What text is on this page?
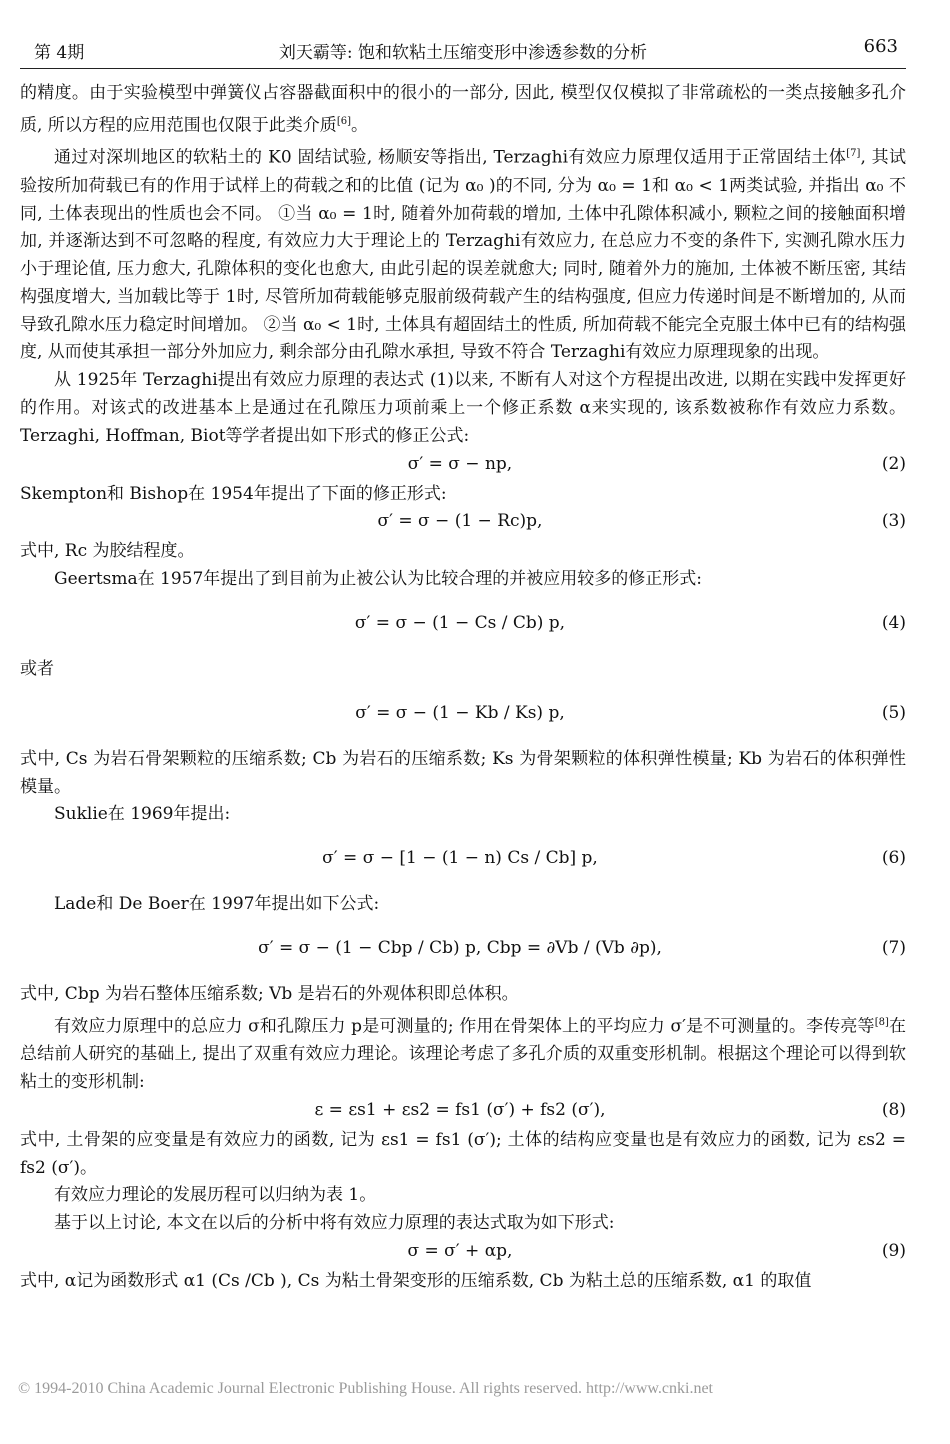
第 4期	刘天霸等: 饱和软粘土压缩变形中渗透参数的分析	663

的精度。由于实验模型中弹簧仪占容器截面积中的很小的一部分, 因此, 模型仅仅模拟了非常疏松的一类点接触多孔介质, 所以方程的应用范围也仅限于此类介质[6]。

通过对深圳地区的软粘土的 K0 固结试验, 杨顺安等指出, Terzaghi有效应力原理仅适用于正常固结土体[7], 其试验按所加荷载已有的作用于试样上的荷载之和的比值 (记为 α₀ )的不同, 分为 α₀ = 1和 α₀ < 1两类试验, 并指出 α₀ 不同, 土体表现出的性质也会不同。 ①当 α₀ = 1时, 随着外加荷载的增加, 土体中孔隙体积减小, 颗粒之间的接触面积增加, 并逐渐达到不可忽略的程度, 有效应力大于理论上的 Terzaghi有效应力, 在总应力不变的条件下, 实测孔隙水压力小于理论值, 压力愈大, 孔隙体积的变化也愈大, 由此引起的误差就愈大; 同时, 随着外力的施加, 土体被不断压密, 其结构强度增大, 当加载比等于 1时, 尽管所加荷载能够克服前级荷载产生的结构强度, 但应力传递时间是不断增加的, 从而导致孔隙水压力稳定时间增加。 ②当 α₀ < 1时, 土体具有超固结土的性质, 所加荷载不能完全克服土体中已有的结构强度, 从而使其承担一部分外加应力, 剩余部分由孔隙水承担, 导致不符合 Terzaghi有效应力原理现象的出现。

从 1925年 Terzaghi提出有效应力原理的表达式 (1)以来, 不断有人对这个方程提出改进, 以期在实践中发挥更好的作用。对该式的改进基本上是通过在孔隙压力项前乘上一个修正系数 α来实现的, 该系数被称作有效应力系数。Terzaghi, Hoffman, Biot等学者提出如下形式的修正公式:

σ′ = σ − np,	(2)

Skempton和 Bishop在 1954年提出了下面的修正形式:

σ′ = σ − (1 − Rc)p,	(3)

式中, Rc 为胶结程度。

Geertsma在 1957年提出了到目前为止被公认为比较合理的并被应用较多的修正形式:

σ′ = σ − (1 − Cs / Cb) p,	(4)

或者

σ′ = σ − (1 − Kb / Ks) p,	(5)

式中, Cs 为岩石骨架颗粒的压缩系数; Cb 为岩石的压缩系数; Ks 为骨架颗粒的体积弹性模量; Kb 为岩石的体积弹性模量。

Suklie在 1969年提出:

σ′ = σ − [1 − (1 − n) Cs / Cb] p,	(6)

Lade和 De Boer在 1997年提出如下公式:

σ′ = σ − (1 − Cbp / Cb) p, Cbp = ∂Vb / (Vb ∂p),	(7)

式中, Cbp 为岩石整体压缩系数; Vb 是岩石的外观体积即总体积。

有效应力原理中的总应力 σ和孔隙压力 p是可测量的; 作用在骨架体上的平均应力 σ′是不可测量的。李传亮等[8]在总结前人研究的基础上, 提出了双重有效应力理论。该理论考虑了多孔介质的双重变形机制。根据这个理论可以得到软粘土的变形机制:

ε = εs1 + εs2 = fs1 (σ′) + fs2 (σ′),	(8)

式中, 土骨架的应变量是有效应力的函数, 记为 εs1 = fs1 (σ′); 土体的结构应变量也是有效应力的函数, 记为 εs2 = fs2 (σ′)。

有效应力理论的发展历程可以归纳为表 1。

基于以上讨论, 本文在以后的分析中将有效应力原理的表达式取为如下形式:

σ = σ′ + αp,	(9)

式中, α记为函数形式 α1 (Cs /Cb ), Cs 为粘土骨架变形的压缩系数, Cb 为粘土总的压缩系数, α1 的取值

© 1994-2010 China Academic Journal Electronic Publishing House. All rights reserved. http://www.cnki.net
